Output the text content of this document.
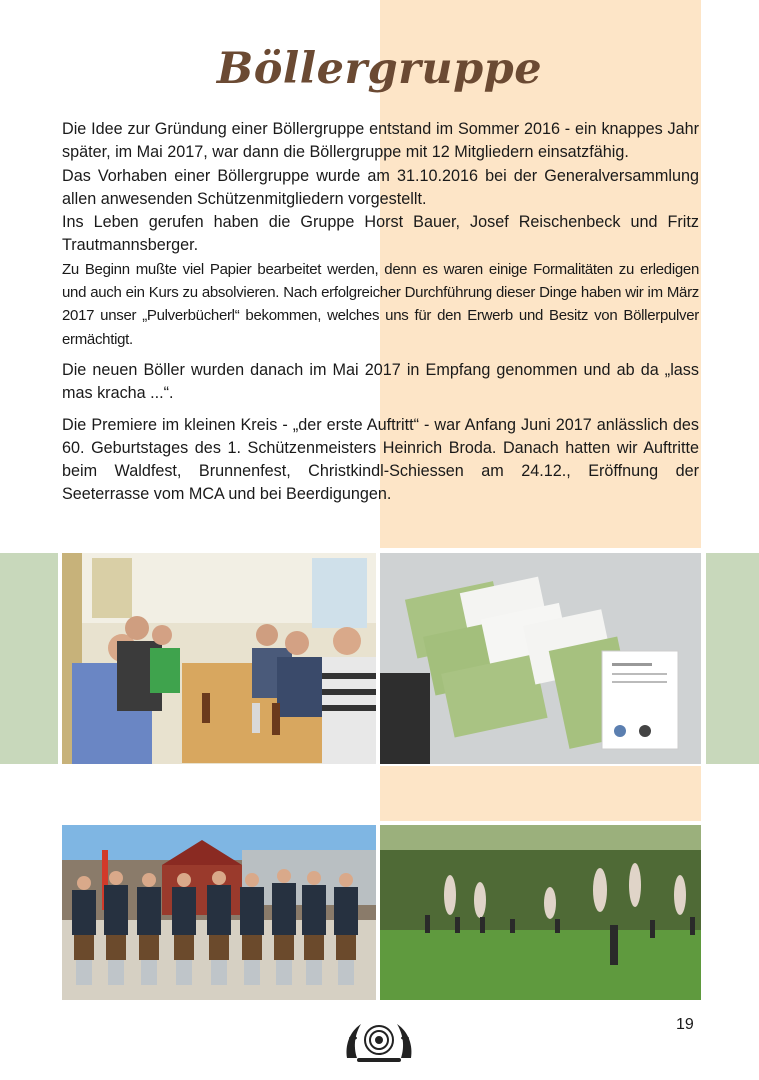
Böllergruppe

Die Idee zur Gründung einer Böllergruppe entstand im Sommer 2016 - ein knappes Jahr später, im Mai 2017, war dann die Böllergruppe mit 12 Mitgliedern einsatzfähig.

Das Vorhaben einer Böllergruppe wurde am 31.10.2016 bei der Generalversammlung allen anwesenden Schützenmitgliedern vorgestellt.

Ins Leben gerufen haben die Gruppe Horst Bauer, Josef Reischenbeck und Fritz Trautmannsberger.

Zu Beginn mußte viel Papier bearbeitet werden, denn es waren einige Formalitäten zu erledigen und auch ein Kurs zu absolvieren. Nach erfolgreicher Durchführung dieser Dinge haben wir im März 2017 unser „Pulverbücherl“ bekommen, welches uns für den Erwerb und Besitz von Böllerpulver ermächtigt.

Die neuen Böller wurden danach im Mai 2017 in Empfang genommen und ab da „lass mas kracha ...“.

Die Premiere im kleinen Kreis - „der erste Auftritt“ - war Anfang Juni 2017 anlässlich des 60. Geburtstages des 1. Schützenmeisters Heinrich Broda. Danach hatten wir Auftritte beim Waldfest, Brunnenfest, Christkindl-Schiessen am 24.12., Eröffnung der Seeterrasse vom MCA und bei Beerdigungen.

19
